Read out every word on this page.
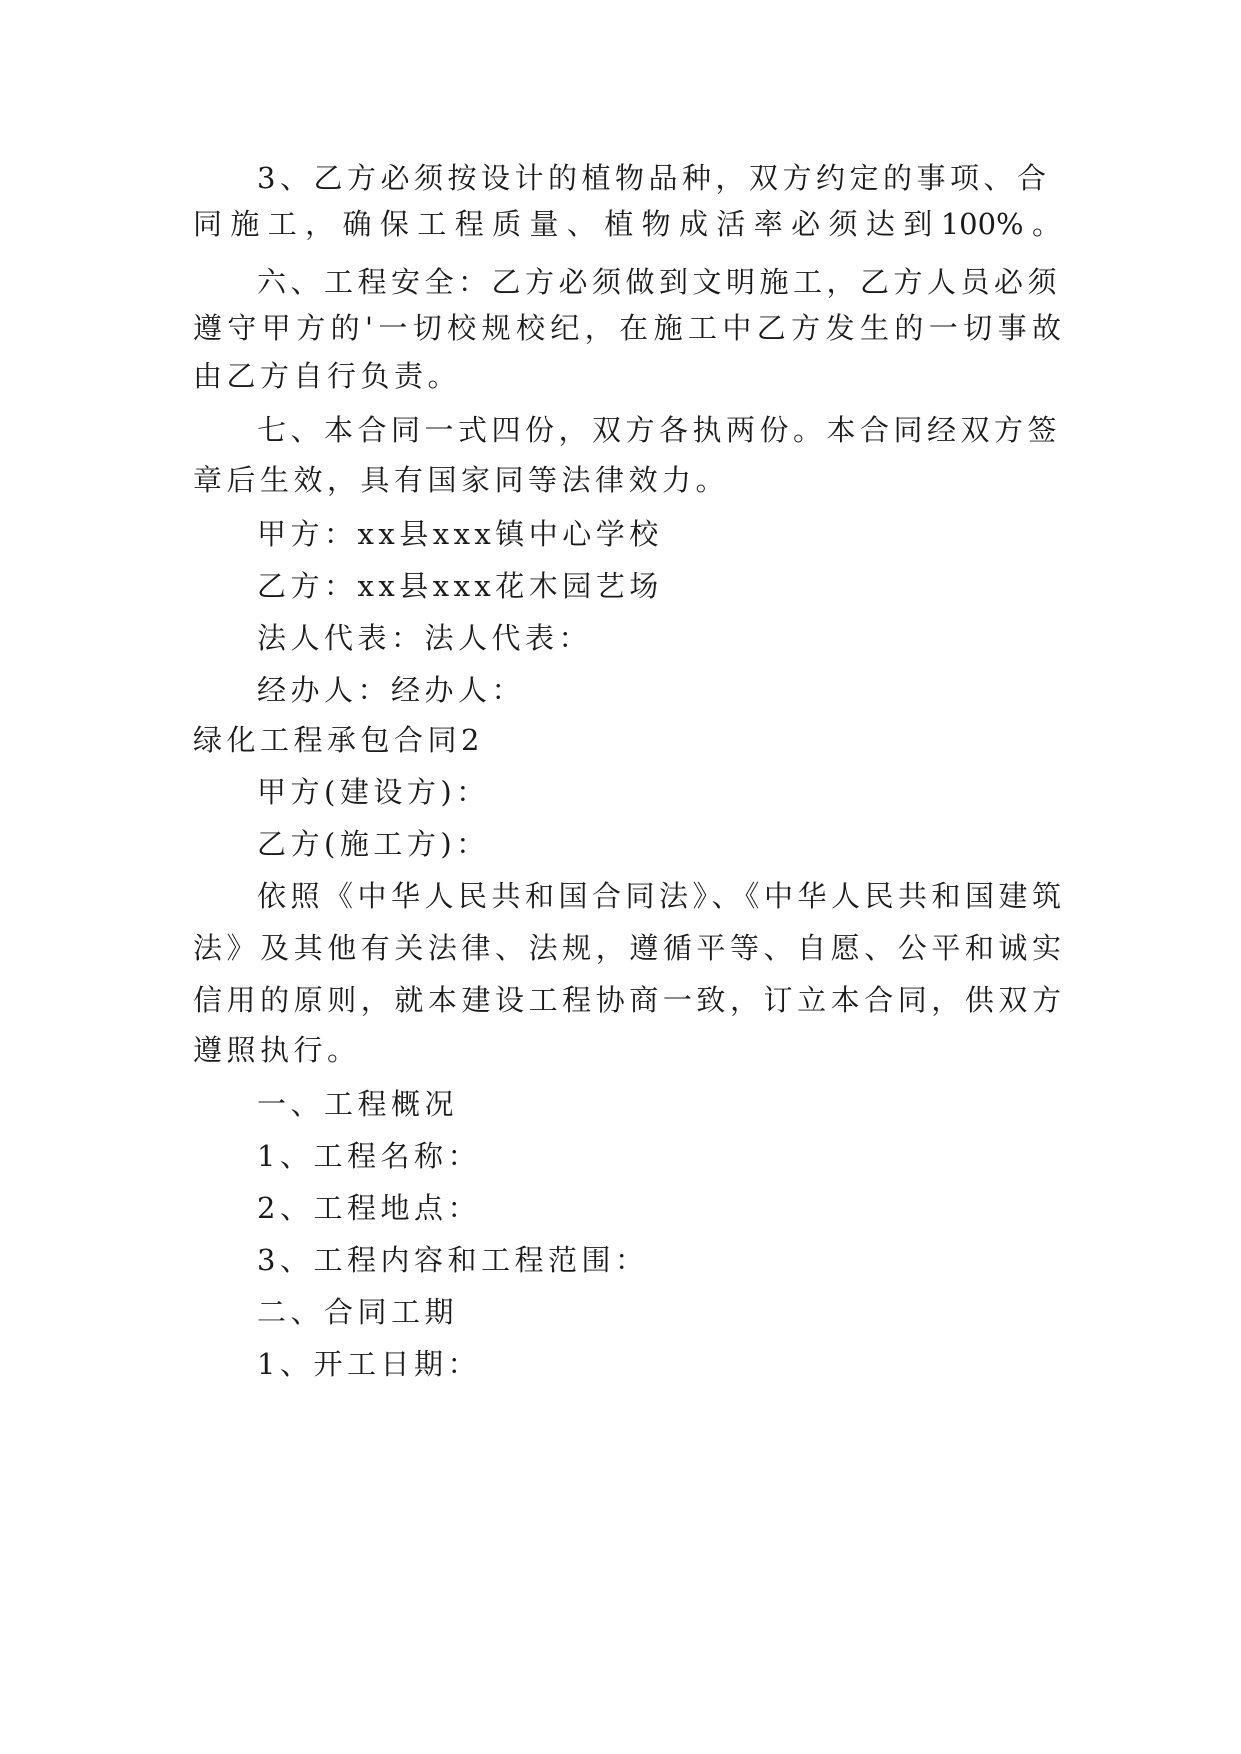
3、乙方必须按设计的植物品种，双方约定的事项、合
同施工，确保工程质量、植物成活率必须达到100%。
六、工程安全：乙方必须做到文明施工，乙方人员必须
遵守甲方的'一切校规校纪，在施工中乙方发生的一切事故
由乙方自行负责。
七、本合同一式四份，双方各执两份。本合同经双方签
章后生效，具有国家同等法律效力。
甲方：xx县xxx镇中心学校
乙方：xx县xxx花木园艺场
法人代表：法人代表：
经办人：经办人：
绿化工程承包合同2
甲方(建设方)：
乙方(施工方)：
依照《中华人民共和国合同法》、《中华人民共和国建筑
法》及其他有关法律、法规，遵循平等、自愿、公平和诚实
信用的原则，就本建设工程协商一致，订立本合同，供双方
遵照执行。
一、工程概况
1、工程名称：
2、工程地点：
3、工程内容和工程范围：
二、合同工期
1、开工日期：
